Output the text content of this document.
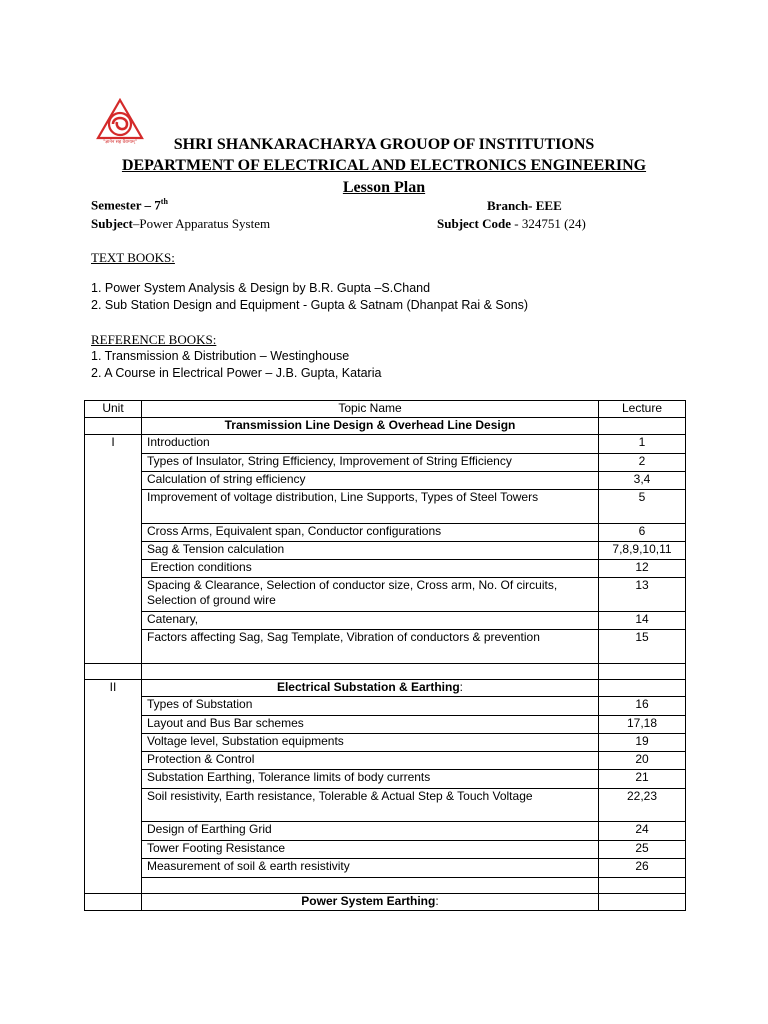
"ज्ञानेन सह वैराग्यम्"	SHRI SHANKARACHARYA GROUOP OF INSTITUTIONS
DEPARTMENT OF ELECTRICAL AND ELECTRONICS ENGINEERING
Lesson Plan
Semester – 7th	Branch- EEE
Subject–Power Apparatus System	Subject Code - 324751 (24)
TEXT BOOKS:
1. Power System Analysis & Design by B.R. Gupta –S.Chand
2. Sub Station Design and Equipment - Gupta & Satnam (Dhanpat Rai & Sons)
REFERENCE BOOKS:
1. Transmission & Distribution – Westinghouse
2. A Course in Electrical Power – J.B. Gupta, Kataria
Unit	Topic Name	Lecture
	Transmission Line Design & Overhead Line Design	
I	Introduction	1
	Types of Insulator, String Efficiency, Improvement of String Efficiency	2
	Calculation of string efficiency	3,4
	Improvement of voltage distribution, Line Supports, Types of Steel Towers	5
	Cross Arms, Equivalent span, Conductor configurations	6
	Sag & Tension calculation	7,8,9,10,11
	Erection conditions	12
	Spacing & Clearance, Selection of conductor size, Cross arm, No. Of circuits, Selection of ground wire	13
	Catenary,	14
	Factors affecting Sag, Sag Template, Vibration of conductors & prevention	15

II	Electrical Substation & Earthing:	
	Types of Substation	16
	Layout and Bus Bar schemes	17,18
	Voltage level, Substation equipments	19
	Protection & Control	20
	Substation Earthing, Tolerance limits of body currents	21
	Soil resistivity, Earth resistance, Tolerable & Actual Step & Touch Voltage	22,23
	Design of Earthing Grid	24
	Tower Footing Resistance	25
	Measurement of soil & earth resistivity	26

	Power System Earthing:	
